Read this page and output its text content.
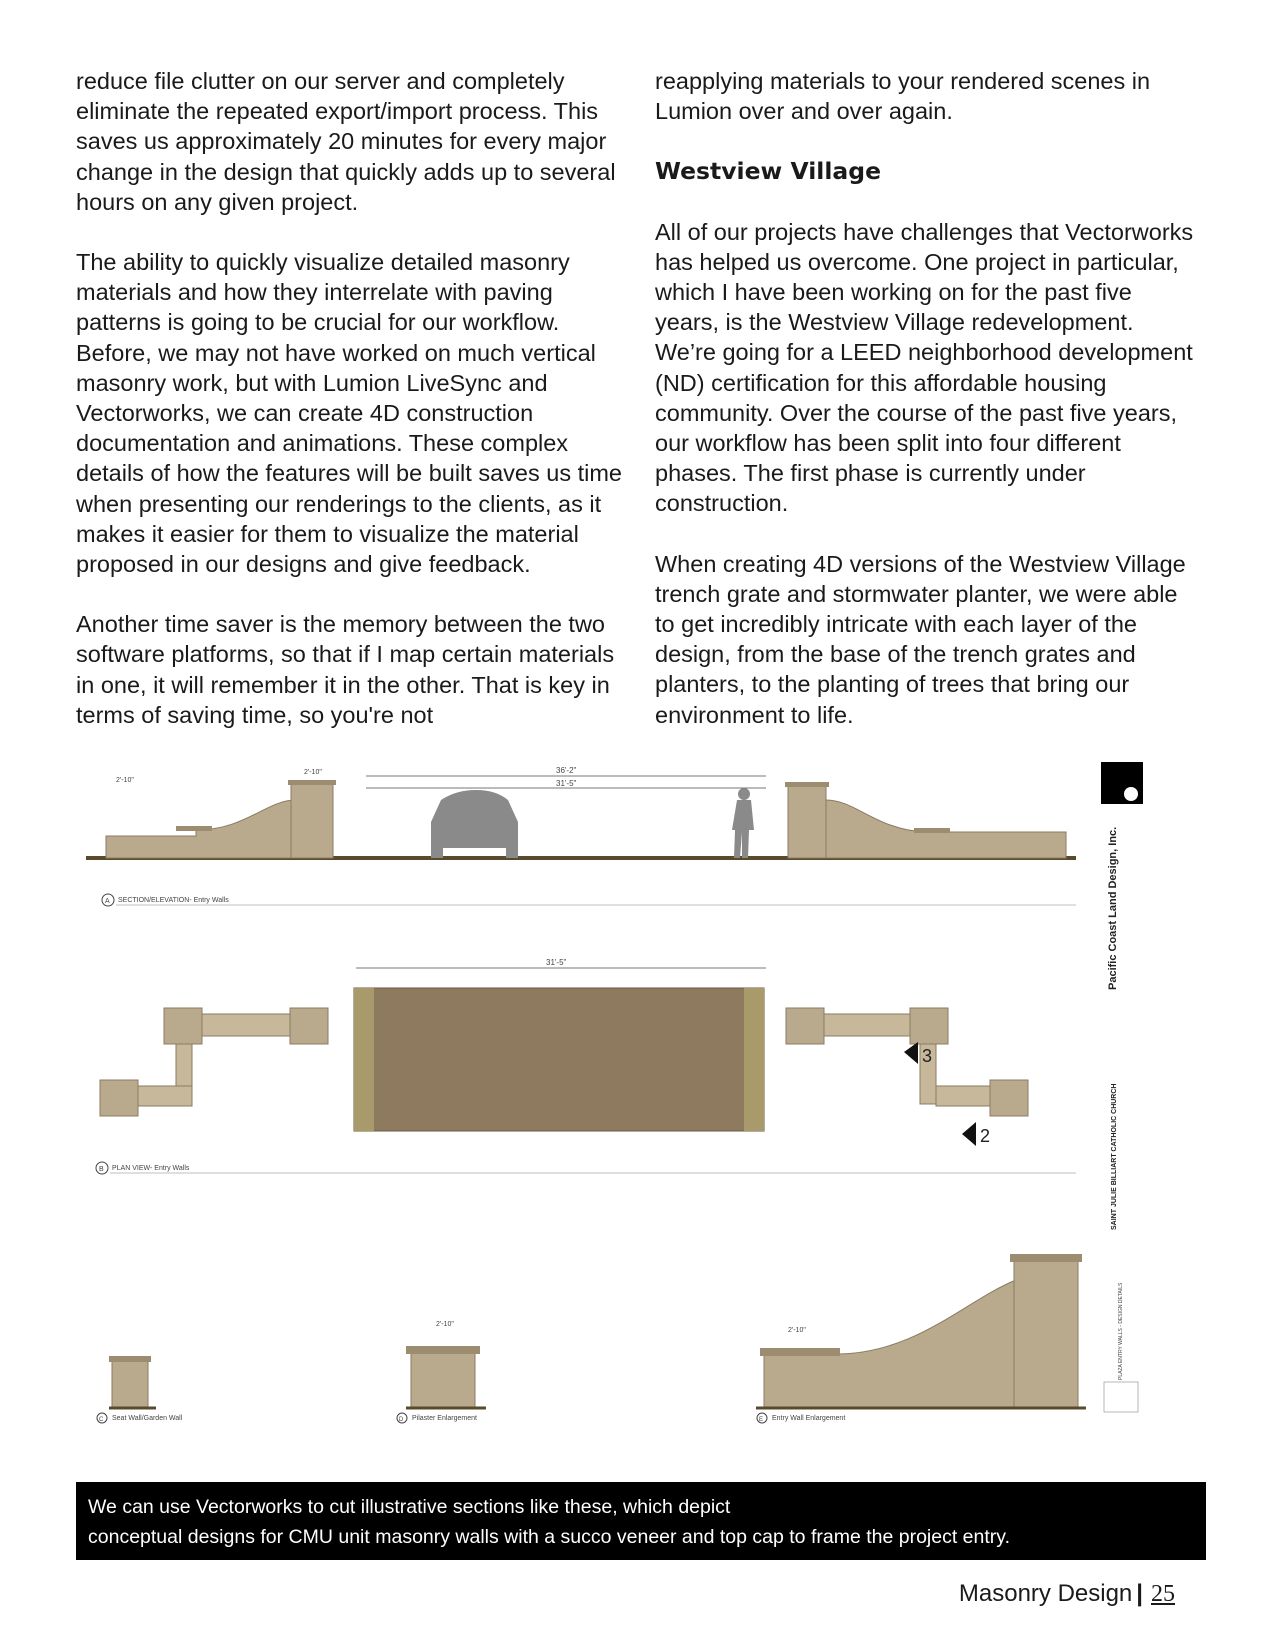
reduce file clutter on our server and completely eliminate the repeated export/import process. This saves us approximately 20 minutes for every major change in the design that quickly adds up to several hours on any given project.

The ability to quickly visualize detailed masonry materials and how they interrelate with paving patterns is going to be crucial for our workflow. Before, we may not have worked on much vertical masonry work, but with Lumion LiveSync and Vectorworks, we can create 4D construction documentation and animations. These complex details of how the features will be built saves us time when presenting our renderings to the clients, as it makes it easier for them to visualize the material proposed in our designs and give feedback.

Another time saver is the memory between the two software platforms, so that if I map certain materials in one, it will remember it in the other. That is key in terms of saving time, so you're not

reapplying materials to your rendered scenes in Lumion over and over again.

Westview Village

All of our projects have challenges that Vectorworks has helped us overcome. One project in particular, which I have been working on for the past five years, is the Westview Village redevelopment. We’re going for a LEED neighborhood development (ND) certification for this affordable housing community. Over the course of the past five years, our workflow has been split into four different phases. The first phase is currently under construction.

When creating 4D versions of the Westview Village trench grate and stormwater planter, we were able to get incredibly intricate with each layer of the design, from the base of the trench grates and planters, to the planting of trees that bring our environment to life.

36'-2"
31'-5"
2'-10"
2'-10"
A SECTION/ELEVATION- Entry Walls
31'-5"
3
2
B PLAN VIEW- Entry Walls
C Seat Wall/Garden Wall
2'-10"
D Pilaster Enlargement
2'-10"
E Entry Wall Enlargement
Pacific Coast Land Design, Inc.
SAINT JULIE BILLIART CATHOLIC CHURCH
PLAZA ENTRY WALLS - DESIGN DETAILS
We can use Vectorworks to cut illustrative sections like these, which depict
conceptual designs for CMU unit masonry walls with a succo veneer and top cap to frame the project entry.
Masonry Design | 25
